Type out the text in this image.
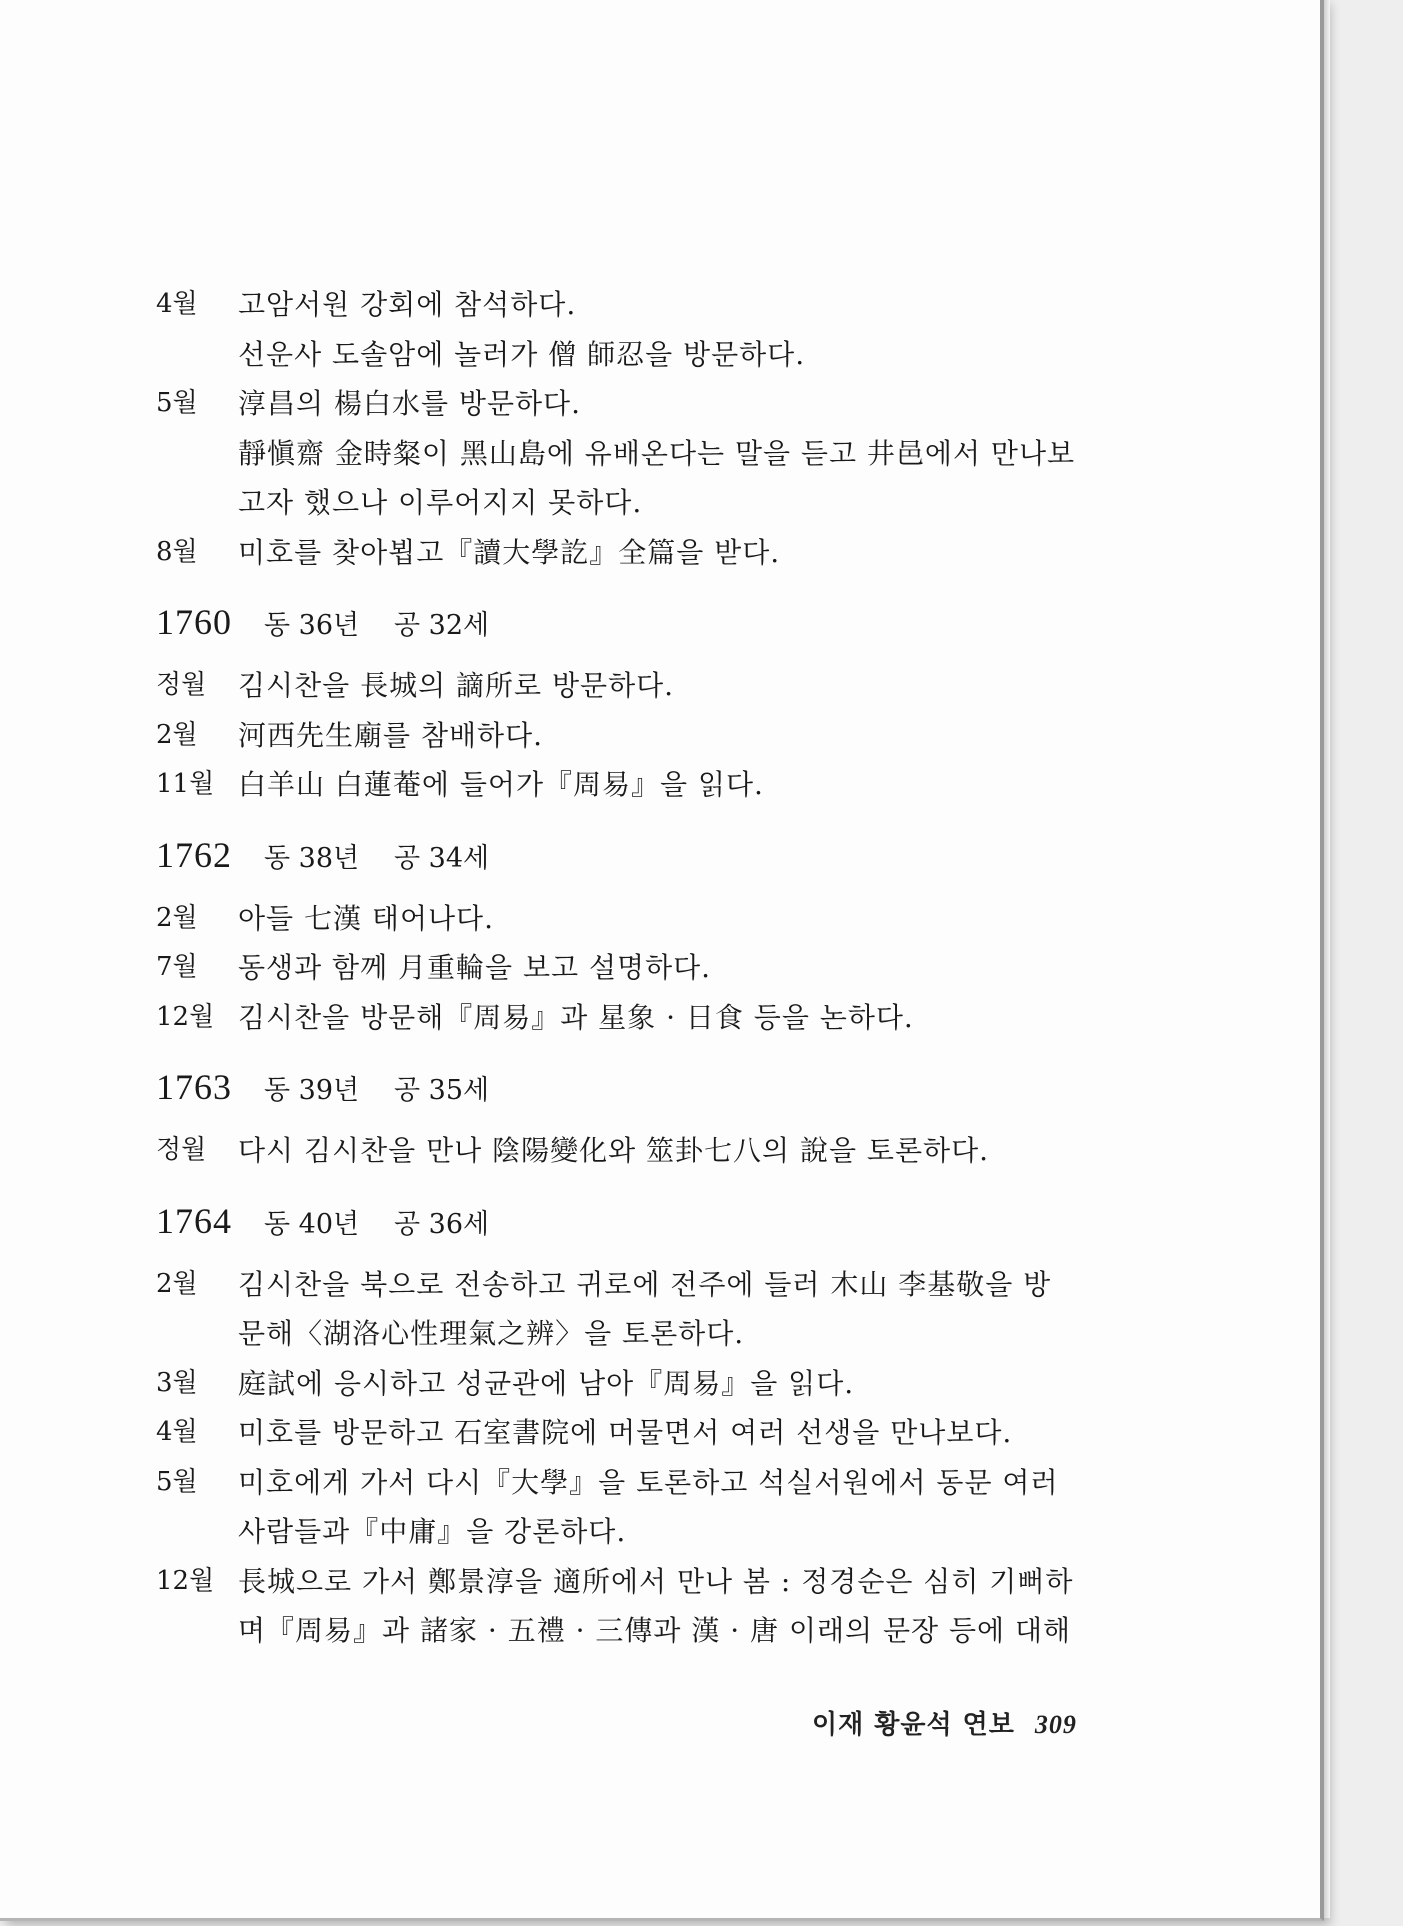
4월	고암서원 강회에 참석하다.
선운사 도솔암에 놀러가 僧 師忍을 방문하다.
5월	淳昌의 楊白水를 방문하다.
靜愼齋 金時粲이 黑山島에 유배온다는 말을 듣고 井邑에서 만나보
고자 했으나 이루어지지 못하다.
8월	미호를 찾아뵙고『讀大學訖』全篇을 받다.
1760	동 36년	공 32세
정월	김시찬을 長城의 謫所로 방문하다.
2월	河西先生廟를 참배하다.
11월 白羊山 白蓮菴에 들어가『周易』을 읽다.
1762	동 38년	공 34세
2월	아들 七漢 태어나다.
7월	동생과 함께 月重輪을 보고 설명하다.
12월 김시찬을 방문해『周易』과 星象 · 日食 등을 논하다.
1763	동 39년	공 35세
정월	다시 김시찬을 만나 陰陽變化와 筮卦七八의 說을 토론하다.
1764	동 40년	공 36세
2월	김시찬을 북으로 전송하고 귀로에 전주에 들러 木山 李基敬을 방
문해〈湖洛心性理氣之辨〉을 토론하다.
3월	庭試에 응시하고 성균관에 남아『周易』을 읽다.
4월	미호를 방문하고 石室書院에 머물면서 여러 선생을 만나보다.
5월	미호에게 가서 다시『大學』을 토론하고 석실서원에서 동문 여러
사람들과『中庸』을 강론하다.
12월 長城으로 가서 鄭景淳을 適所에서 만나 봄 : 정경순은 심히 기뻐하
며『周易』과 諸家 · 五禮 · 三傳과 漢 · 唐 이래의 문장 등에 대해
이재 황윤석 연보 309
